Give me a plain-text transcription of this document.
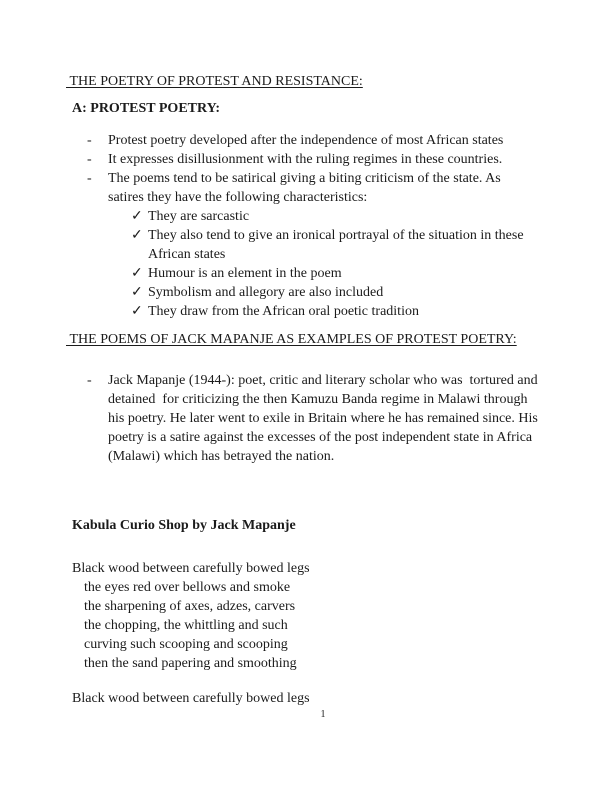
THE POETRY OF PROTEST AND RESISTANCE:
A: PROTEST POETRY:
-	Protest poetry developed after the independence of most African states
-	It expresses disillusionment with the ruling regimes in these countries.
-	The poems tend to be satirical giving a biting criticism of the state. As
satires they have the following characteristics:
✓ They are sarcastic
✓ They also tend to give an ironical portrayal of the situation in these
African states
✓ Humour is an element in the poem
✓ Symbolism and allegory are also included
✓ They draw from the African oral poetic tradition
THE POEMS OF JACK MAPANJE AS EXAMPLES OF PROTEST POETRY:
-	Jack Mapanje (1944-): poet, critic and literary scholar who was  tortured and
detained  for criticizing the then Kamuzu Banda regime in Malawi through
his poetry. He later went to exile in Britain where he has remained since. His
poetry is a satire against the excesses of the post independent state in Africa
(Malawi) which has betrayed the nation.
Kabula Curio Shop by Jack Mapanje
Black wood between carefully bowed legs
the eyes red over bellows and smoke
the sharpening of axes, adzes, carvers
the chopping, the whittling and such
curving such scooping and scooping
then the sand papering and smoothing
Black wood between carefully bowed legs
1
